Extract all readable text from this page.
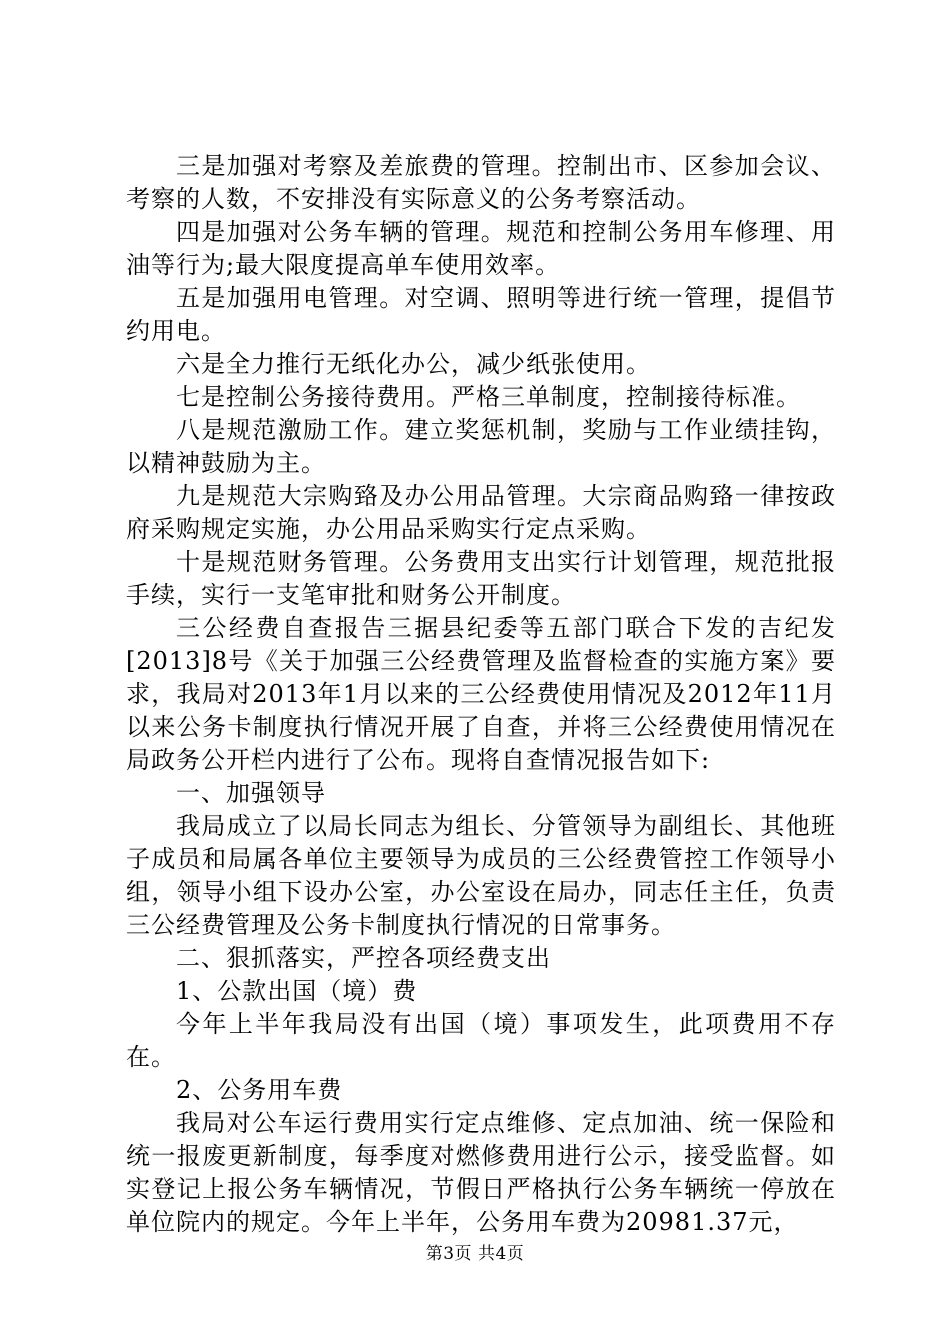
三是加强对考察及差旅费的管理。控制出市、区参加会议、考察的人数，不安排没有实际意义的公务考察活动。

四是加强对公务车辆的管理。规范和控制公务用车修理、用油等行为;最大限度提高单车使用效率。

五是加强用电管理。对空调、照明等进行统一管理，提倡节约用电。

六是全力推行无纸化办公，减少纸张使用。

七是控制公务接待费用。严格三单制度，控制接待标准。

八是规范激励工作。建立奖惩机制，奖励与工作业绩挂钩，以精神鼓励为主。

九是规范大宗购臵及办公用品管理。大宗商品购臵一律按政府采购规定实施，办公用品采购实行定点采购。

十是规范财务管理。公务费用支出实行计划管理，规范批报手续，实行一支笔审批和财务公开制度。

三公经费自查报告三据县纪委等五部门联合下发的吉纪发[2013]8号《关于加强三公经费管理及监督检查的实施方案》要求，我局对2013年1月以来的三公经费使用情况及2012年11月以来公务卡制度执行情况开展了自查，并将三公经费使用情况在局政务公开栏内进行了公布。现将自查情况报告如下:

一、加强领导

我局成立了以局长同志为组长、分管领导为副组长、其他班子成员和局属各单位主要领导为成员的三公经费管控工作领导小组，领导小组下设办公室，办公室设在局办，同志任主任，负责三公经费管理及公务卡制度执行情况的日常事务。

二、狠抓落实，严控各项经费支出

1、公款出国（境）费

今年上半年我局没有出国（境）事项发生，此项费用不存在。

2、公务用车费

我局对公车运行费用实行定点维修、定点加油、统一保险和统一报废更新制度，每季度对燃修费用进行公示，接受监督。如实登记上报公务车辆情况，节假日严格执行公务车辆统一停放在单位院内的规定。今年上半年，公务用车费为20981.37元，

第3页 共4页
